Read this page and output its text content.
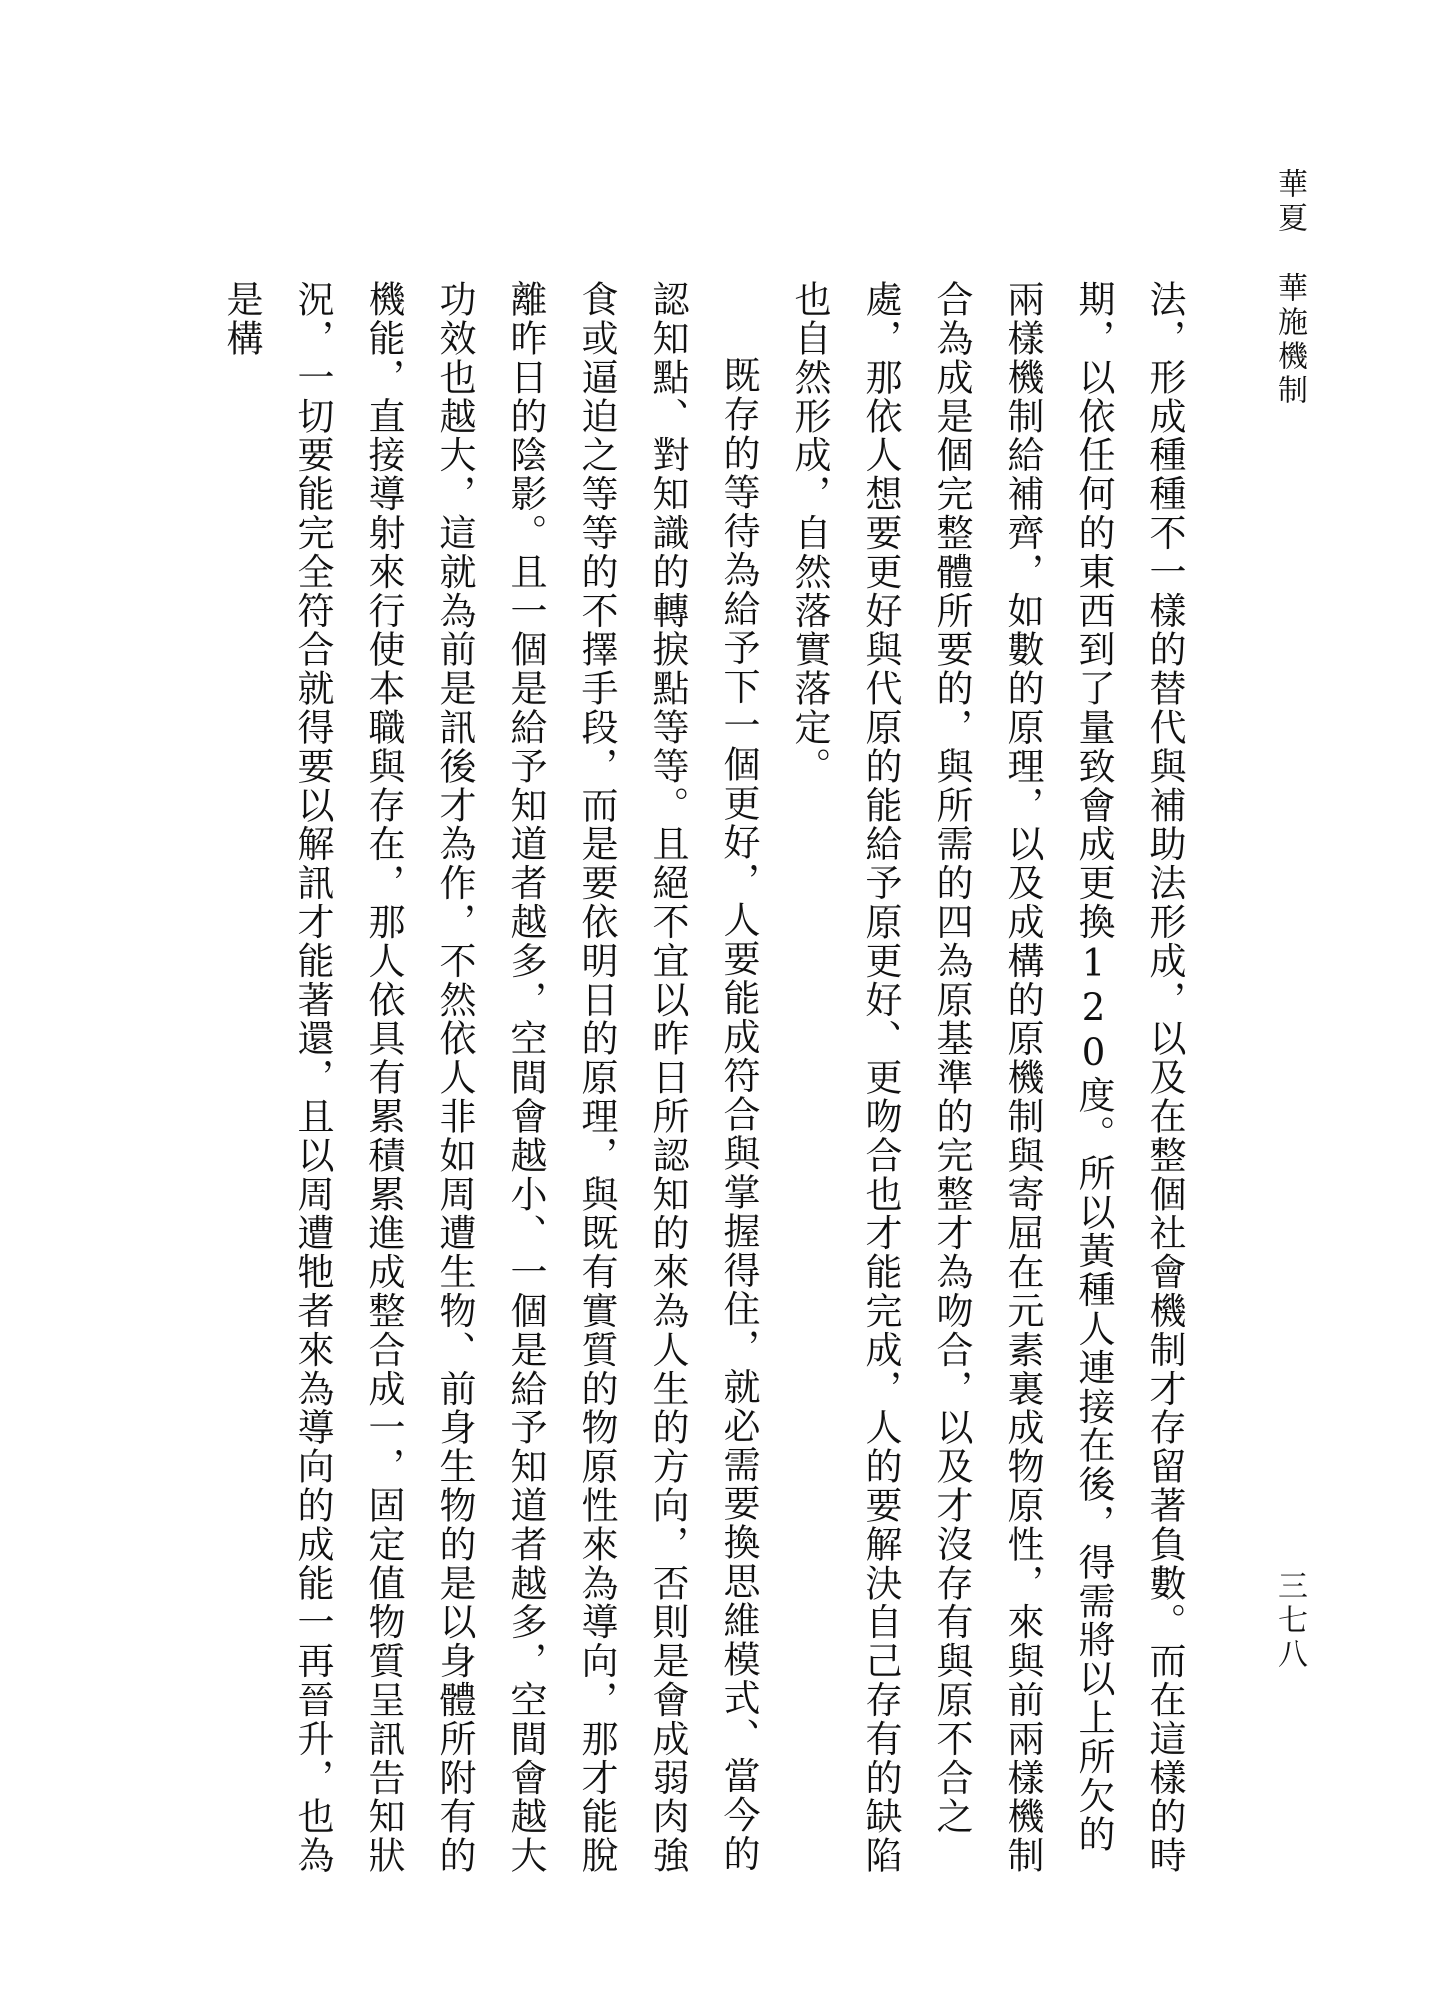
華夏華施機制

法，形成種種不一樣的替代與補助法形成，以及在整個社會機制才存留著負數。而在這樣的時期，以依任何的東西到了量致會成更換120度。所以黃種人連接在後，得需將以上所欠的兩樣機制給補齊，如數的原理，以及成構的原機制與寄屈在元素裏成物原性，來與前兩樣機制合為成是個完整體所要的，與所需的四為原基準的完整才為吻合，以及才沒存有與原不合之處，那依人想要更好與代原的能給予原更好、更吻合也才能完成，人的要解決自己存有的缺陷也自然形成，自然落實落定。

既存的等待為給予下一個更好，人要能成符合與掌握得住，就必需要換思維模式、當今的認知點、對知識的轉捩點等等。且絕不宜以昨日所認知的來為人生的方向，否則是會成弱肉強食或逼迫之等等的不擇手段，而是要依明日的原理，與既有實質的物原性來為導向，那才能脫離昨日的陰影。且一個是給予知道者越多，空間會越小、一個是給予知道者越多，空間會越大功效也越大，這就為前是訊後才為作，不然依人非如周遭生物、前身生物的是以身體所附有的機能，直接導射來行使本職與存在，那人依具有累積累進成整合成一，固定值物質呈訊告知狀況，一切要能完全符合就得要以解訊才能著還，且以周遭牠者來為導向的成能一再晉升，也為是構

三七八
